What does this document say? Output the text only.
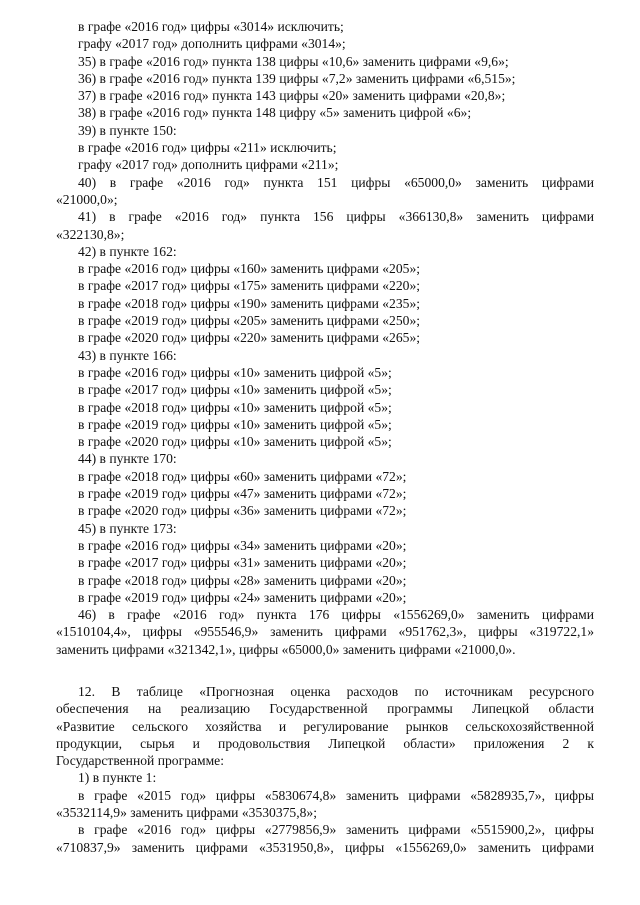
в графе «2016 год» цифры «3014» исключить;
графу «2017 год» дополнить цифрами «3014»;
35) в графе «2016 год» пункта 138 цифры «10,6» заменить цифрами «9,6»;
36) в графе «2016 год» пункта 139 цифры «7,2» заменить цифрами «6,515»;
37) в графе «2016 год» пункта 143 цифры «20» заменить цифрами «20,8»;
38) в графе «2016 год» пункта 148 цифру «5» заменить цифрой «6»;
39) в пункте 150:
в графе «2016 год» цифры «211» исключить;
графу «2017 год» дополнить цифрами «211»;
40) в графе «2016 год» пункта 151 цифры «65000,0» заменить цифрами
«21000,0»;
41) в графе «2016 год» пункта 156 цифры «366130,8» заменить цифрами
«322130,8»;
42) в пункте 162:
в графе «2016 год» цифры «160» заменить цифрами «205»;
в графе «2017 год» цифры «175» заменить цифрами «220»;
в графе «2018 год» цифры «190» заменить цифрами «235»;
в графе «2019 год» цифры «205» заменить цифрами «250»;
в графе «2020 год» цифры «220» заменить цифрами «265»;
43) в пункте 166:
в графе «2016 год» цифры «10» заменить цифрой «5»;
в графе «2017 год» цифры «10» заменить цифрой «5»;
в графе «2018 год» цифры «10» заменить цифрой «5»;
в графе «2019 год» цифры «10» заменить цифрой «5»;
в графе «2020 год» цифры «10» заменить цифрой «5»;
44) в пункте 170:
в графе «2018 год» цифры «60» заменить цифрами «72»;
в графе «2019 год» цифры «47» заменить цифрами «72»;
в графе «2020 год» цифры «36» заменить цифрами «72»;
45) в пункте 173:
в графе «2016 год» цифры «34» заменить цифрами «20»;
в графе «2017 год» цифры «31» заменить цифрами «20»;
в графе «2018 год» цифры «28» заменить цифрами «20»;
в графе «2019 год» цифры «24» заменить цифрами «20»;
46) в графе «2016 год» пункта 176 цифры «1556269,0» заменить цифрами
«1510104,4», цифры «955546,9» заменить цифрами «951762,3», цифры «319722,1»
заменить цифрами «321342,1», цифры «65000,0» заменить цифрами «21000,0».
12. В таблице «Прогнозная оценка расходов по источникам ресурсного
обеспечения на реализацию Государственной программы Липецкой области
«Развитие сельского хозяйства и регулирование рынков сельскохозяйственной
продукции, сырья и продовольствия Липецкой области» приложения 2 к
Государственной программе:
1) в пункте 1:
в графе «2015 год» цифры «5830674,8» заменить цифрами «5828935,7», цифры
«3532114,9» заменить цифрами «3530375,8»;
в графе «2016 год» цифры «2779856,9» заменить цифрами «5515900,2», цифры
«710837,9» заменить цифрами «3531950,8», цифры «1556269,0» заменить цифрами
